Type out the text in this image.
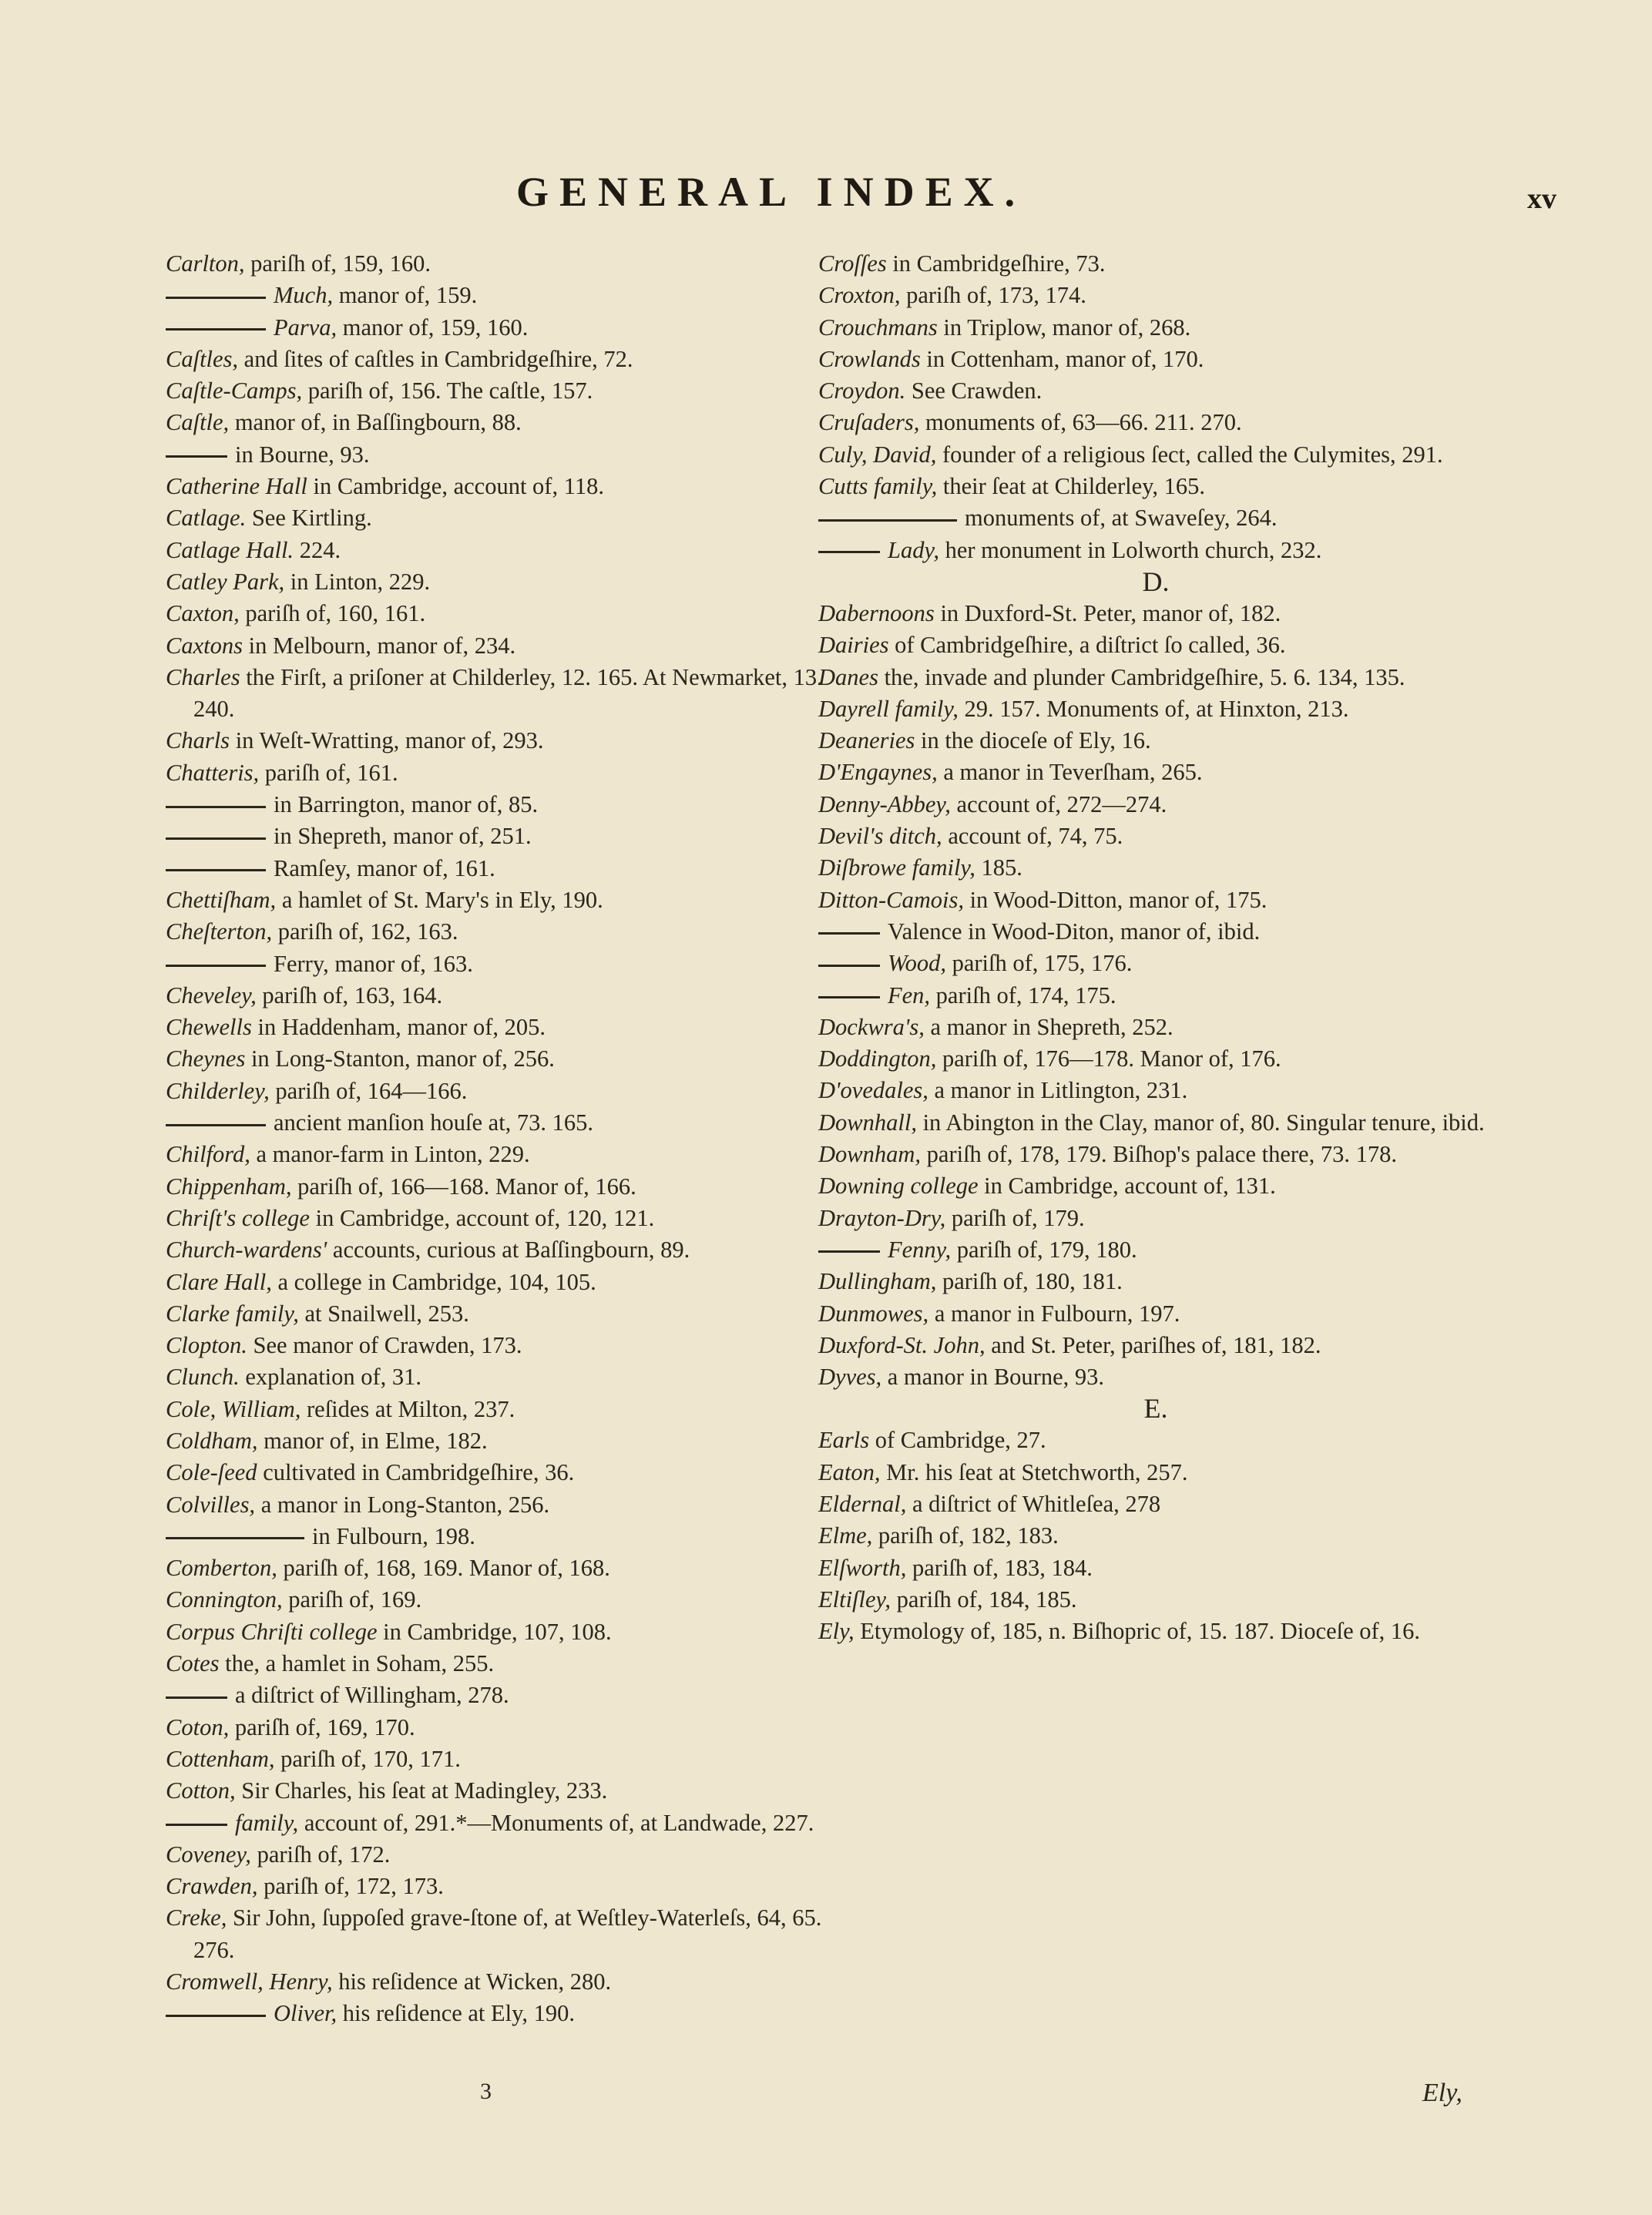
GENERAL INDEX.	xv
Carlton, pariſh of, 159, 160.
Much, manor of, 159.
Parva, manor of, 159, 160.
Caſtles, and ſites of caſtles in Cambridgeſhire, 72.
Caſtle-Camps, pariſh of, 156. The caſtle, 157.
Caſtle, manor of, in Baſſingbourn, 88.
in Bourne, 93.
Catherine Hall in Cambridge, account of, 118.
Catlage. See Kirtling.
Catlage Hall. 224.
Catley Park, in Linton, 229.
Caxton, pariſh of, 160, 161.
Caxtons in Melbourn, manor of, 234.
Charles the Firſt, a priſoner at Childerley, 12. 165. At Newmarket, 13. 240.
Charls in Weſt-Wratting, manor of, 293.
Chatteris, pariſh of, 161.
in Barrington, manor of, 85.
in Shepreth, manor of, 251.
Ramſey, manor of, 161.
Chettiſham, a hamlet of St. Mary's in Ely, 190.
Cheſterton, pariſh of, 162, 163.
Ferry, manor of, 163.
Cheveley, pariſh of, 163, 164.
Chewells in Haddenham, manor of, 205.
Cheynes in Long-Stanton, manor of, 256.
Childerley, pariſh of, 164—166.
ancient manſion houſe at, 73. 165.
Chilford, a manor-farm in Linton, 229.
Chippenham, pariſh of, 166—168. Manor of, 166.
Chriſt's college in Cambridge, account of, 120, 121.
Church-wardens' accounts, curious at Baſſingbourn, 89.
Clare Hall, a college in Cambridge, 104, 105.
Clarke family, at Snailwell, 253.
Clopton. See manor of Crawden, 173.
Clunch. explanation of, 31.
Cole, William, reſides at Milton, 237.
Coldham, manor of, in Elme, 182.
Cole-ſeed cultivated in Cambridgeſhire, 36.
Colvilles, a manor in Long-Stanton, 256.
in Fulbourn, 198.
Comberton, pariſh of, 168, 169. Manor of, 168.
Connington, pariſh of, 169.
Corpus Chriſti college in Cambridge, 107, 108.
Cotes the, a hamlet in Soham, 255.
a diſtrict of Willingham, 278.
Coton, pariſh of, 169, 170.
Cottenham, pariſh of, 170, 171.
Cotton, Sir Charles, his ſeat at Madingley, 233.
family, account of, 291.*—Monuments of, at Landwade, 227.
Coveney, pariſh of, 172.
Crawden, pariſh of, 172, 173.
Creke, Sir John, ſuppoſed grave-ſtone of, at Weſtley-Waterleſs, 64, 65. 276.
Cromwell, Henry, his reſidence at Wicken, 280.
Oliver, his reſidence at Ely, 190.
Croſſes in Cambridgeſhire, 73.
Croxton, pariſh of, 173, 174.
Crouchmans in Triplow, manor of, 268.
Crowlands in Cottenham, manor of, 170.
Croydon. See Crawden.
Cruſaders, monuments of, 63—66. 211. 270.
Culy, David, founder of a religious ſect, called the Culymites, 291.
Cutts family, their ſeat at Childerley, 165.
monuments of, at Swaveſey, 264.
Lady, her monument in Lolworth church, 232.
D.
Dabernoons in Duxford-St. Peter, manor of, 182.
Dairies of Cambridgeſhire, a diſtrict ſo called, 36.
Danes the, invade and plunder Cambridgeſhire, 5. 6. 134, 135.
Dayrell family, 29. 157. Monuments of, at Hinxton, 213.
Deaneries in the dioceſe of Ely, 16.
D'Engaynes, a manor in Teverſham, 265.
Denny-Abbey, account of, 272—274.
Devil's ditch, account of, 74, 75.
Diſbrowe family, 185.
Ditton-Camois, in Wood-Ditton, manor of, 175.
Valence in Wood-Diton, manor of, ibid.
Wood, pariſh of, 175, 176.
Fen, pariſh of, 174, 175.
Dockwra's, a manor in Shepreth, 252.
Doddington, pariſh of, 176—178. Manor of, 176.
D'ovedales, a manor in Litlington, 231.
Downhall, in Abington in the Clay, manor of, 80. Singular tenure, ibid.
Downham, pariſh of, 178, 179. Biſhop's palace there, 73. 178.
Downing college in Cambridge, account of, 131.
Drayton-Dry, pariſh of, 179.
Fenny, pariſh of, 179, 180.
Dullingham, pariſh of, 180, 181.
Dunmowes, a manor in Fulbourn, 197.
Duxford-St. John, and St. Peter, pariſhes of, 181, 182.
Dyves, a manor in Bourne, 93.
E.
Earls of Cambridge, 27.
Eaton, Mr. his ſeat at Stetchworth, 257.
Eldernal, a diſtrict of Whitleſea, 278
Elme, pariſh of, 182, 183.
Elſworth, pariſh of, 183, 184.
Eltiſley, pariſh of, 184, 185.
Ely, Etymology of, 185, n. Biſhopric of, 15. 187. Dioceſe of, 16.
3	Ely,
